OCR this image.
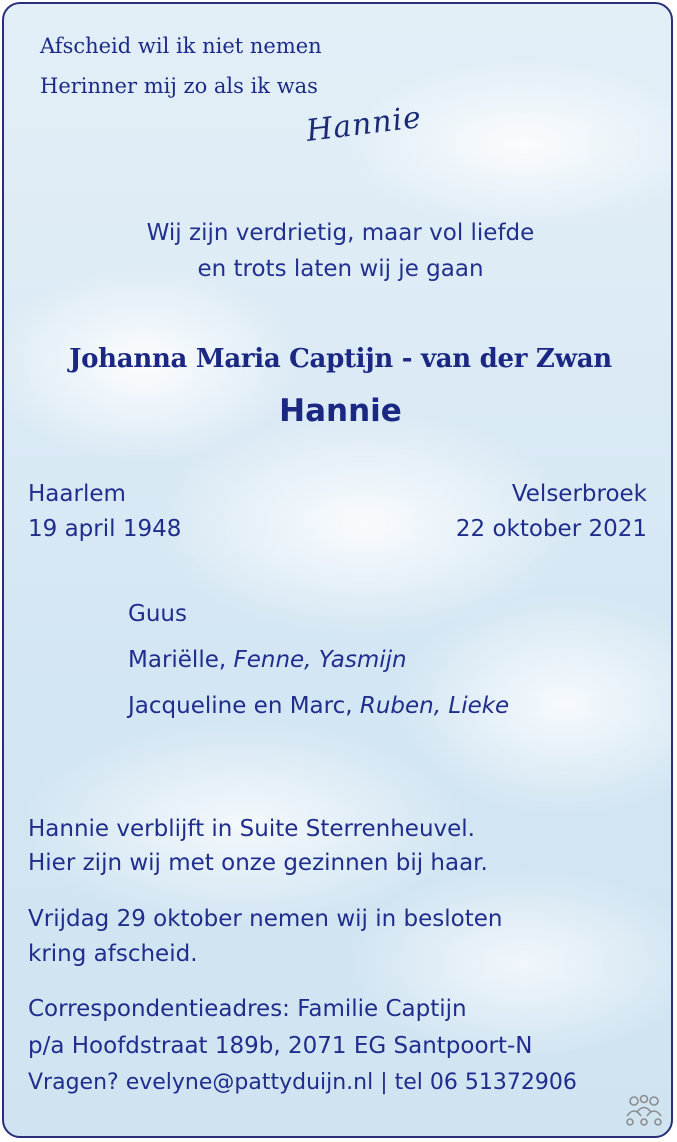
Afscheid wil ik niet nemen
Herinner mij zo als ik was
Hannie
Wij zijn verdrietig, maar vol liefde
en trots laten wij je gaan
Johanna Maria Captijn - van der Zwan
Hannie
Haarlem
19 april 1948
Velserbroek
22 oktober 2021
Guus
Mariëlle, Fenne, Yasmijn
Jacqueline en Marc, Ruben, Lieke
Hannie verblijft in Suite Sterrenheuvel.
Hier zijn wij met onze gezinnen bij haar.
Vrijdag 29 oktober nemen wij in besloten
kring afscheid.
Correspondentieadres: Familie Captijn
p/a Hoofdstraat 189b, 2071 EG Santpoort-N
Vragen? evelyne@pattyduijn.nl | tel 06 51372906
